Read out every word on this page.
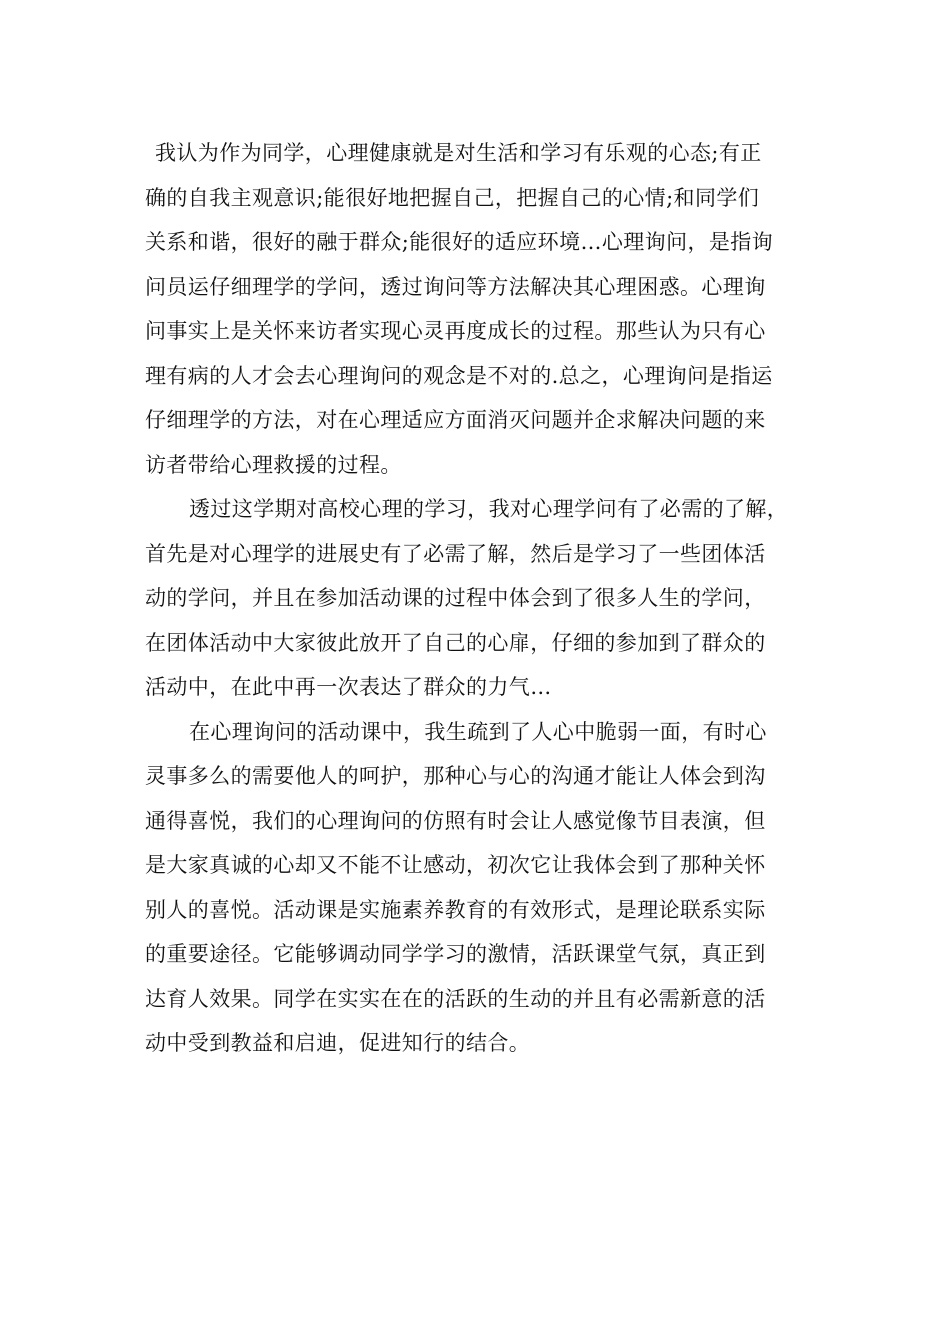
我认为作为同学，心理健康就是对生活和学习有乐观的心态;有正
确的自我主观意识;能很好地把握自己，把握自己的心情;和同学们
关系和谐，很好的融于群众;能很好的适应环境…心理询问，是指询
问员运仔细理学的学问，透过询问等方法解决其心理困惑。心理询
问事实上是关怀来访者实现心灵再度成长的过程。那些认为只有心
理有病的人才会去心理询问的观念是不对的.总之，心理询问是指运
仔细理学的方法，对在心理适应方面消灭问题并企求解决问题的来
访者带给心理救援的过程。
透过这学期对高校心理的学习，我对心理学问有了必需的了解，
首先是对心理学的进展史有了必需了解，然后是学习了一些团体活
动的学问，并且在参加活动课的过程中体会到了很多人生的学问，
在团体活动中大家彼此放开了自己的心扉，仔细的参加到了群众的
活动中，在此中再一次表达了群众的力气…
在心理询问的活动课中，我生疏到了人心中脆弱一面，有时心
灵事多么的需要他人的呵护，那种心与心的沟通才能让人体会到沟
通得喜悦，我们的心理询问的仿照有时会让人感觉像节目表演，但
是大家真诚的心却又不能不让感动，初次它让我体会到了那种关怀
别人的喜悦。活动课是实施素养教育的有效形式，是理论联系实际
的重要途径。它能够调动同学学习的激情，活跃课堂气氛，真正到
达育人效果。同学在实实在在的活跃的生动的并且有必需新意的活
动中受到教益和启迪，促进知行的结合。
